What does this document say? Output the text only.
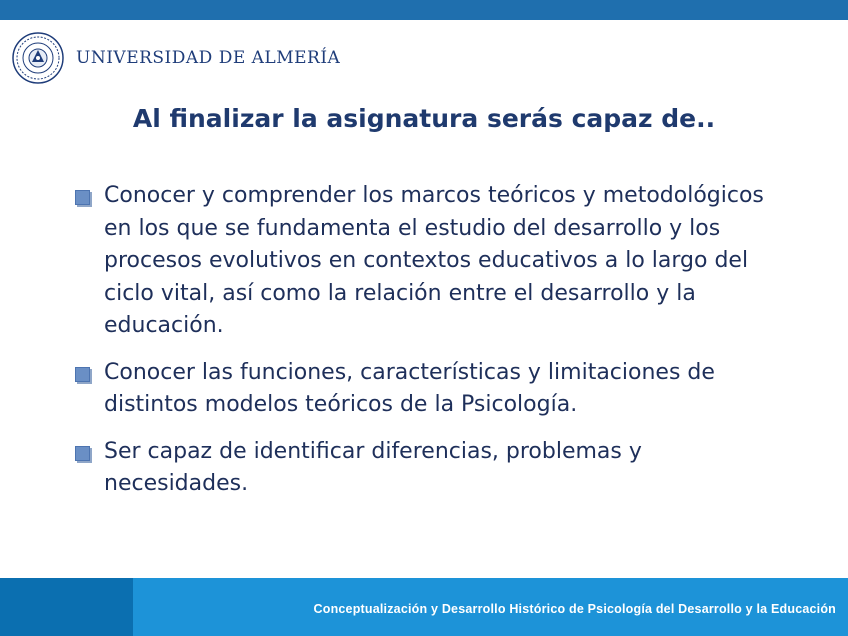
UNIVERSIDAD DE ALMERÍA
Al finalizar la asignatura serás capaz de..
Conocer y comprender los marcos teóricos y metodológicos en los que se fundamenta el estudio del desarrollo y los procesos evolutivos en contextos educativos a lo largo del ciclo vital, así como la relación entre el desarrollo y la educación.
Conocer las funciones, características y limitaciones de distintos modelos teóricos de la Psicología.
Ser capaz de identificar diferencias, problemas y necesidades.
Conceptualización y Desarrollo Histórico de Psicología del Desarrollo y la Educación
